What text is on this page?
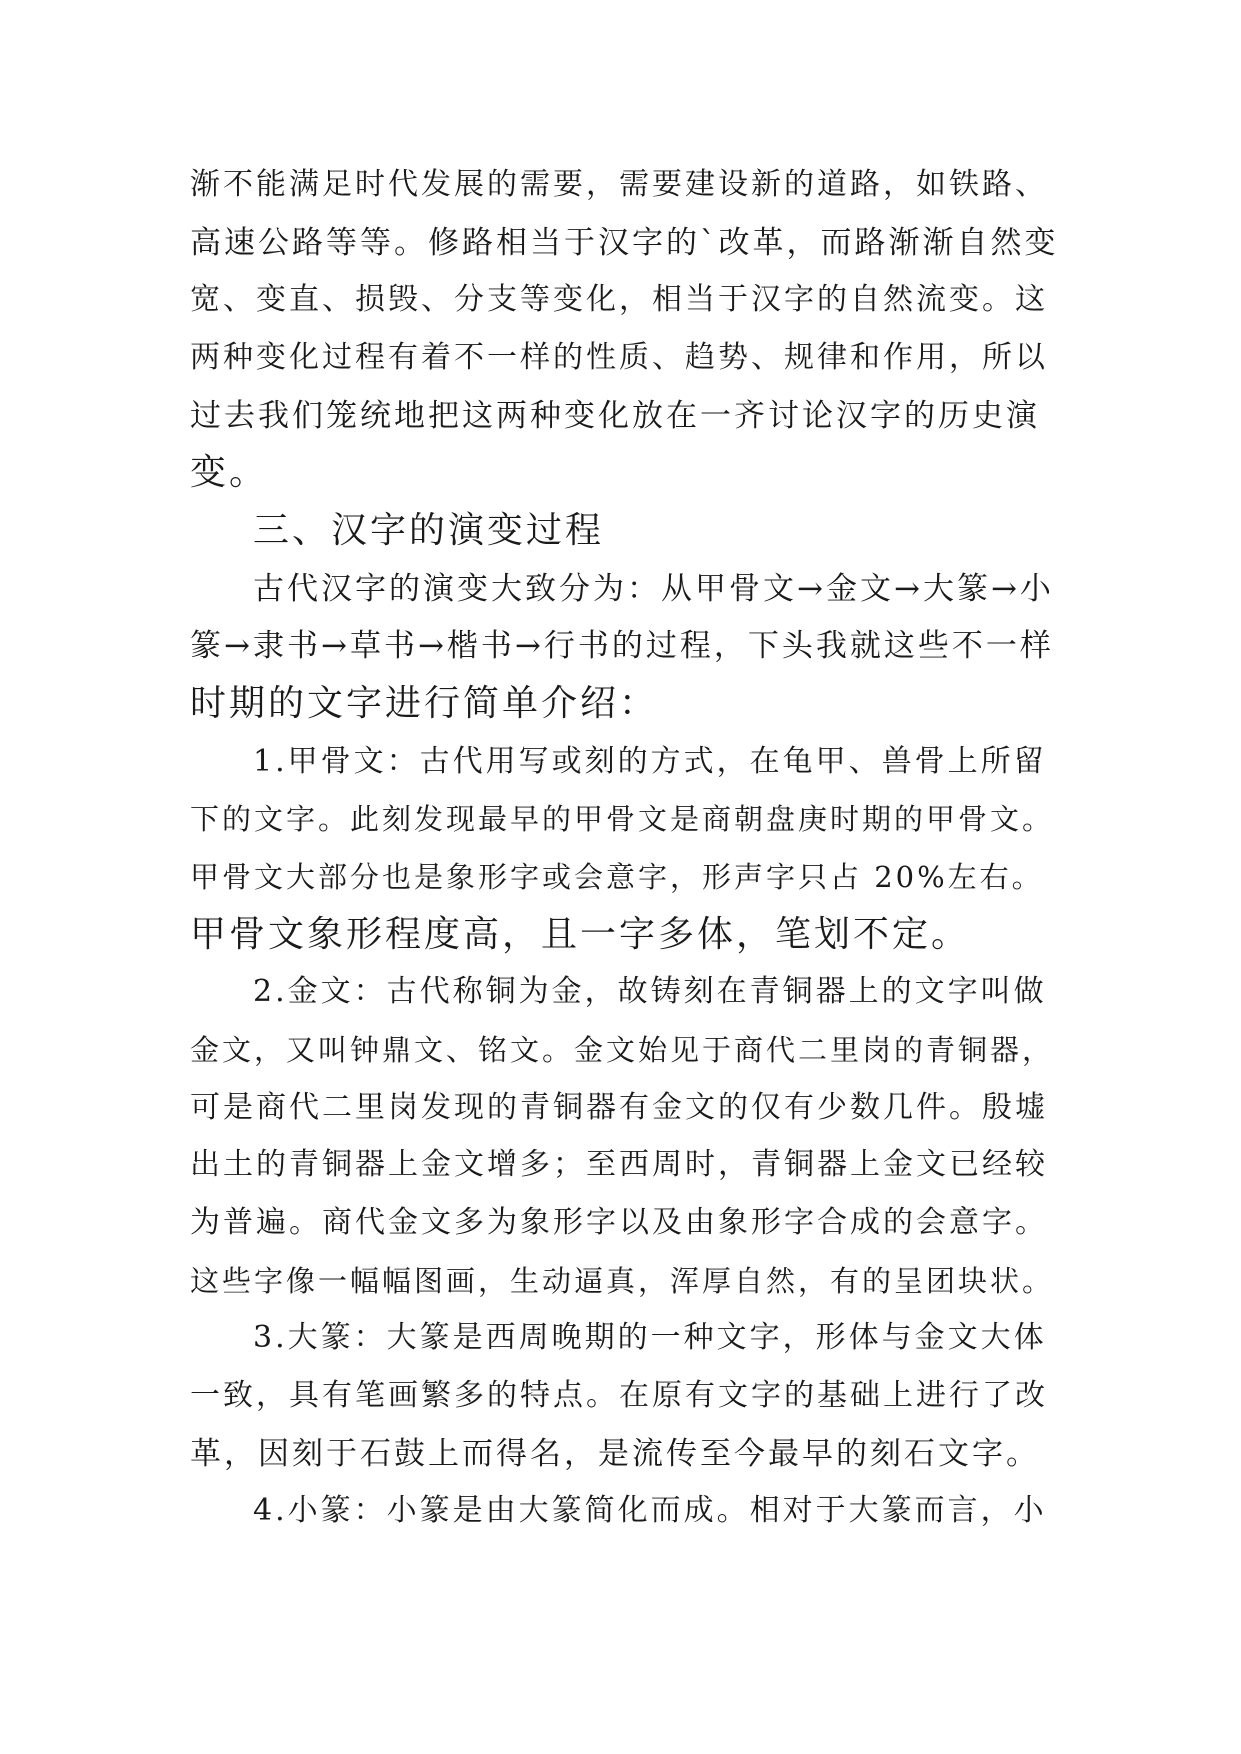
渐不能满足时代发展的需要，需要建设新的道路，如铁路、
高速公路等等。修路相当于汉字的`改革，而路渐渐自然变
宽、变直、损毁、分支等变化，相当于汉字的自然流变。这
两种变化过程有着不一样的性质、趋势、规律和作用，所以
过去我们笼统地把这两种变化放在一齐讨论汉字的历史演
变。
三、汉字的演变过程
古代汉字的演变大致分为：从甲骨文→金文→大篆→小
篆→隶书→草书→楷书→行书的过程，下头我就这些不一样
时期的文字进行简单介绍：
1.甲骨文：古代用写或刻的方式，在龟甲、兽骨上所留
下的文字。此刻发现最早的甲骨文是商朝盘庚时期的甲骨文。
甲骨文大部分也是象形字或会意字，形声字只占 20%左右。
甲骨文象形程度高，且一字多体，笔划不定。
2.金文：古代称铜为金，故铸刻在青铜器上的文字叫做
金文，又叫钟鼎文、铭文。金文始见于商代二里岗的青铜器，
可是商代二里岗发现的青铜器有金文的仅有少数几件。殷墟
出土的青铜器上金文增多；至西周时，青铜器上金文已经较
为普遍。商代金文多为象形字以及由象形字合成的会意字。
这些字像一幅幅图画，生动逼真，浑厚自然，有的呈团块状。
3.大篆：大篆是西周晚期的一种文字，形体与金文大体
一致，具有笔画繁多的特点。在原有文字的基础上进行了改
革，因刻于石鼓上而得名，是流传至今最早的刻石文字。
4.小篆：小篆是由大篆简化而成。相对于大篆而言，小
